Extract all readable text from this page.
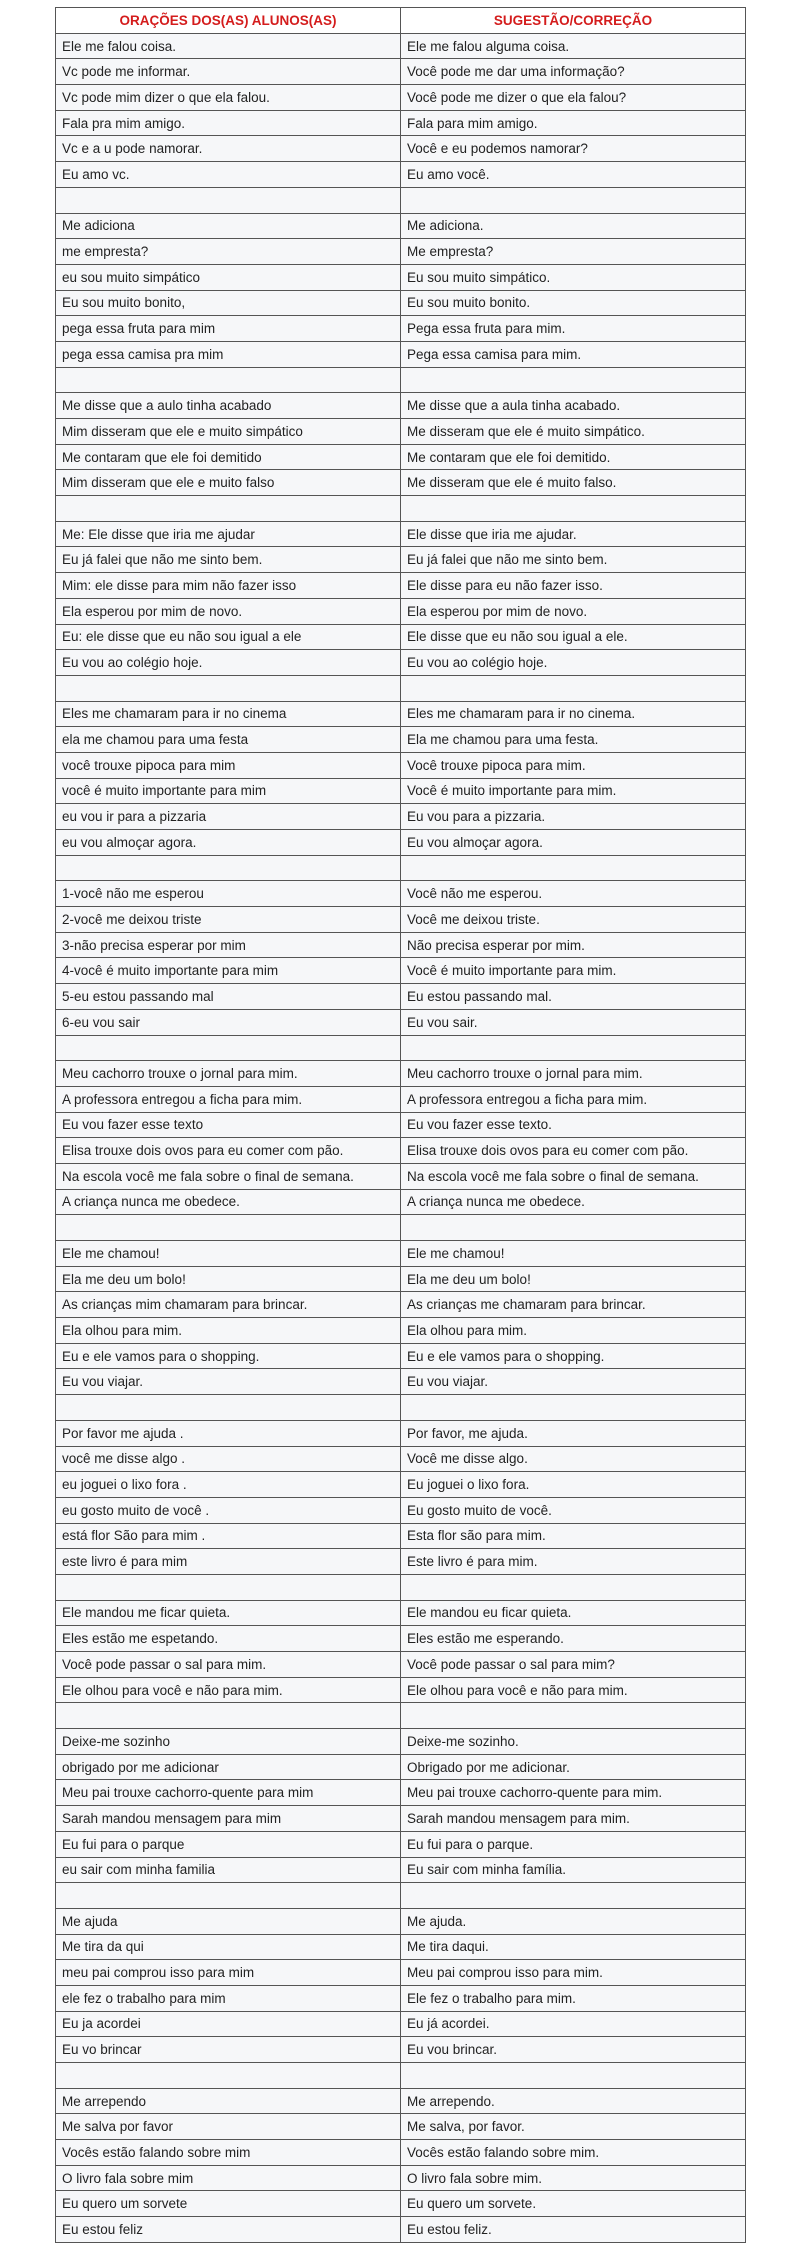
ORAÇÕES DOS(AS) ALUNOS(AS)	SUGESTÃO/CORREÇÃO
Ele me falou coisa.	Ele me falou alguma coisa.
Vc pode me informar.	Você pode me dar uma informação?
Vc pode mim dizer o que ela falou.	Você pode me dizer o que ela falou?
Fala pra mim amigo.	Fala para mim amigo.
Vc e a u pode namorar.	Você e eu podemos namorar?
Eu amo vc.	Eu amo você.

Me adiciona	Me adiciona.
me empresta?	Me empresta?
eu sou muito simpático	Eu sou muito simpático.
Eu sou muito bonito,	Eu sou muito bonito.
pega essa fruta para mim	Pega essa fruta para mim.
pega essa camisa pra mim	Pega essa camisa para mim.

Me disse que a aulo tinha acabado	Me disse que a aula tinha acabado.
Mim disseram que ele e muito simpático	Me disseram que ele é muito simpático.
Me contaram que ele foi demitido	Me contaram que ele foi demitido.
Mim disseram que ele e muito falso	Me disseram que ele é muito falso.

Me: Ele disse que iria me ajudar	Ele disse que iria me ajudar.
Eu já falei que não me sinto bem.	Eu já falei que não me sinto bem.
Mim: ele disse para mim não fazer isso	Ele disse para eu não fazer isso.
Ela esperou por mim de novo.	Ela esperou por mim de novo.
Eu: ele disse que eu não sou igual a ele	Ele disse que eu não sou igual a ele.
Eu vou ao colégio hoje.	Eu vou ao colégio hoje.

Eles me chamaram para ir no cinema	Eles me chamaram para ir no cinema.
ela me chamou para uma festa	Ela me chamou para uma festa.
você trouxe pipoca para mim	Você trouxe pipoca para mim.
você é muito importante para mim	Você é muito importante para mim.
eu vou ir para a pizzaria	Eu vou para a pizzaria.
eu vou almoçar agora.	Eu vou almoçar agora.

1-você não me esperou	Você não me esperou.
2-você me deixou triste	Você me deixou triste.
3-não precisa esperar por mim	Não precisa esperar por mim.
4-você é muito importante para mim	Você é muito importante para mim.
5-eu estou passando mal	Eu estou passando mal.
6-eu vou sair	Eu vou sair.

Meu cachorro trouxe o jornal para mim.	Meu cachorro trouxe o jornal para mim.
A professora entregou a ficha para mim.	A professora entregou a ficha para mim.
Eu vou fazer esse texto	Eu vou fazer esse texto.
Elisa trouxe dois ovos para eu comer com pão.	Elisa trouxe dois ovos para eu comer com pão.
Na escola você me fala sobre o final de semana.	Na escola você me fala sobre o final de semana.
A criança nunca me obedece.	A criança nunca me obedece.

Ele me chamou!	Ele me chamou!
Ela me deu um bolo!	Ela me deu um bolo!
As crianças mim chamaram para brincar.	As crianças me chamaram para brincar.
Ela olhou para mim.	Ela olhou para mim.
Eu e ele vamos para o shopping.	Eu e ele vamos para o shopping.
Eu vou viajar.	Eu vou viajar.

Por favor me ajuda .	Por favor, me ajuda.
você me disse algo .	Você me disse algo.
eu joguei o lixo fora .	Eu joguei o lixo fora.
eu gosto muito de você .	Eu gosto muito de você.
está flor São para mim .	Esta flor são para mim.
este livro é para mim	Este livro é para mim.

Ele mandou me ficar quieta.	Ele mandou eu ficar quieta.
Eles estão me espetando.	Eles estão me esperando.
Você pode passar o sal para mim.	Você pode passar o sal para mim?
Ele olhou para você e não para mim.	Ele olhou para você e não para mim.

Deixe-me sozinho	Deixe-me sozinho.
obrigado por me adicionar	Obrigado por me adicionar.
Meu pai trouxe cachorro-quente para mim	Meu pai trouxe cachorro-quente para mim.
Sarah mandou mensagem para mim	Sarah mandou mensagem para mim.
Eu fui para o parque	Eu fui para o parque.
eu sair com minha familia	Eu sair com minha família.

Me ajuda	Me ajuda.
Me tira da qui	Me tira daqui.
meu pai comprou isso para mim	Meu pai comprou isso para mim.
ele fez o trabalho para mim	Ele fez o trabalho para mim.
Eu ja acordei	Eu já acordei.
Eu vo brincar	Eu vou brincar.

Me arrependo	Me arrependo.
Me salva por favor	Me salva, por favor.
Vocês estão falando sobre mim	Vocês estão falando sobre mim.
O livro fala sobre mim	O livro fala sobre mim.
Eu quero um sorvete	Eu quero um sorvete.
Eu estou feliz	Eu estou feliz.
